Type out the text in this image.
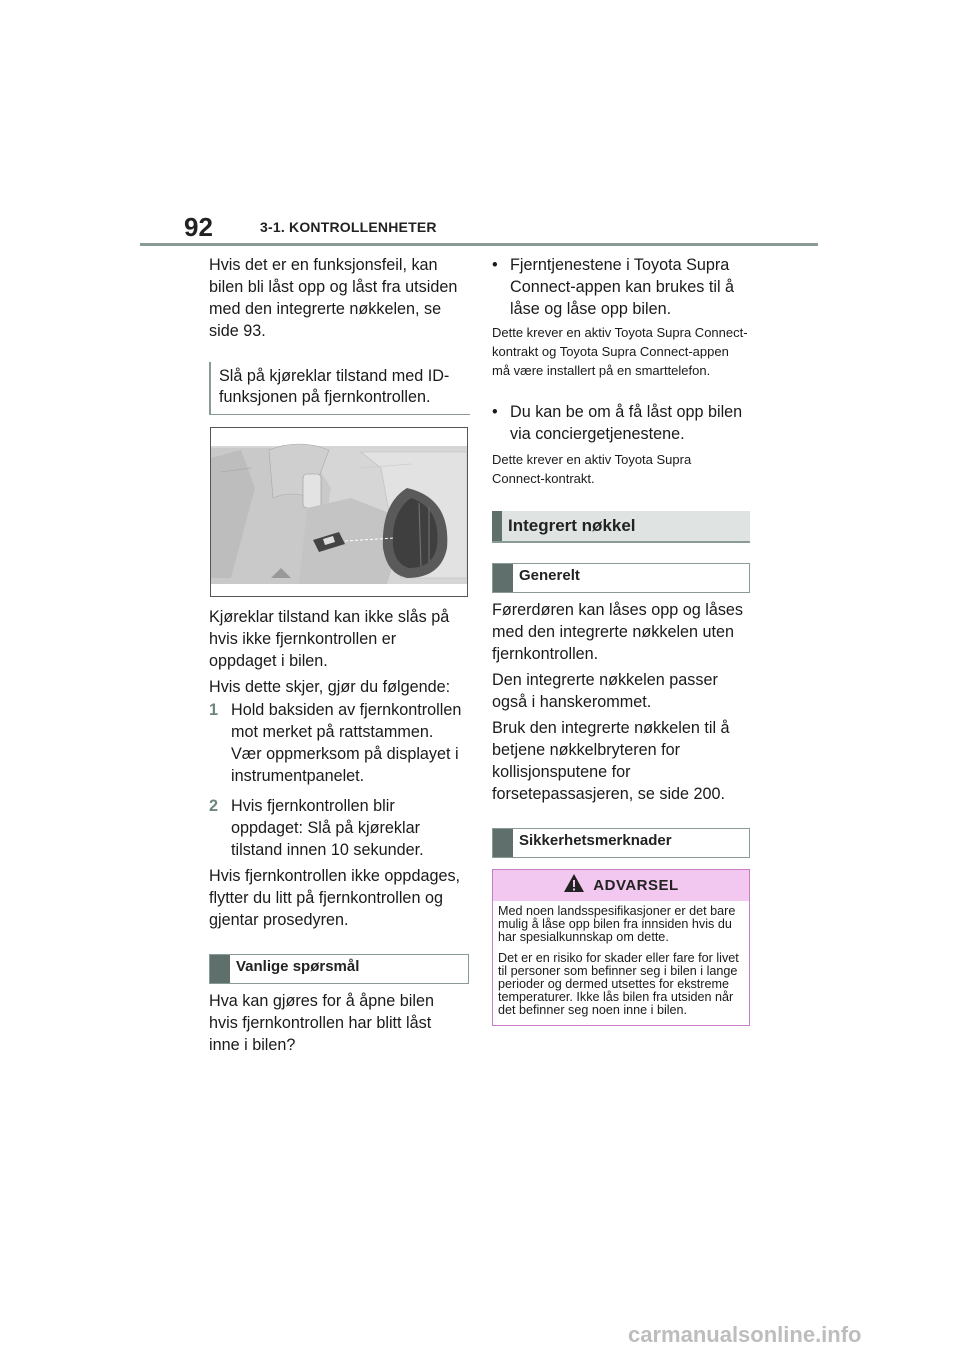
92	3-1. KONTROLLENHETER

Hvis det er en funksjonsfeil, kan bilen bli låst opp og låst fra utsiden med den integrerte nøkkelen, se side 93.

Slå på kjøreklar tilstand med ID-funksjonen på fjernkontrollen.

Kjøreklar tilstand kan ikke slås på hvis ikke fjernkontrollen er oppdaget i bilen.

Hvis dette skjer, gjør du følgende:

1 Hold baksiden av fjernkontrollen mot merket på rattstammen. Vær oppmerksom på displayet i instrumentpanelet.
2 Hvis fjernkontrollen blir oppdaget: Slå på kjøreklar tilstand innen 10 sekunder.

Hvis fjernkontrollen ikke oppdages, flytter du litt på fjernkontrollen og gjentar prosedyren.

Vanlige spørsmål

Hva kan gjøres for å åpne bilen hvis fjernkontrollen har blitt låst inne i bilen?

• Fjerntjenestene i Toyota Supra Connect-appen kan brukes til å låse og låse opp bilen.

Dette krever en aktiv Toyota Supra Connect-kontrakt og Toyota Supra Connect-appen må være installert på en smarttelefon.

• Du kan be om å få låst opp bilen via conciergetjenestene.

Dette krever en aktiv Toyota Supra Connect-kontrakt.

Integrert nøkkel
Generelt

Førerdøren kan låses opp og låses med den integrerte nøkkelen uten fjernkontrollen.

Den integrerte nøkkelen passer også i hanskerommet.

Bruk den integrerte nøkkelen til å betjene nøkkelbryteren for kollisjonsputene for forsetepassasjeren, se side 200.

Sikkerhetsmerknader
ADVARSEL

Med noen landsspesifikasjoner er det bare mulig å låse opp bilen fra innsiden hvis du har spesialkunnskap om dette.

Det er en risiko for skader eller fare for livet til personer som befinner seg i bilen i lange perioder og dermed utsettes for ekstreme temperaturer. Ikke lås bilen fra utsiden når det befinner seg noen inne i bilen.

carmanualsonline.info
